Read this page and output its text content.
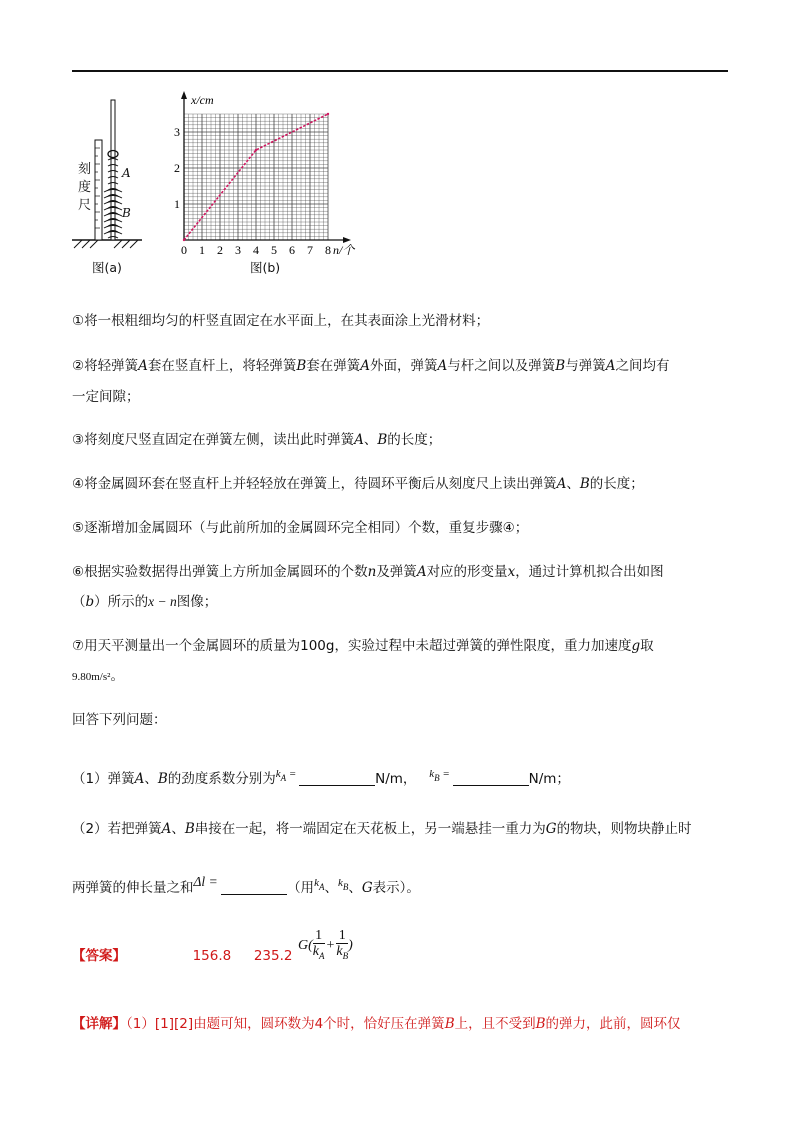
0 1 2 3 4 5 6 7 8
1
2
3
x/cm
n/个
刻
度
尺
A
B
图(a)	图(b)
①将一根粗细均匀的杆竖直固定在水平面上，在其表面涂上光滑材料；
②将轻弹簧A套在竖直杆上，将轻弹簧B套在弹簧A外面，弹簧A与杆之间以及弹簧B与弹簧A之间均有
一定间隙；
③将刻度尺竖直固定在弹簧左侧，读出此时弹簧A、B的长度；
④将金属圆环套在竖直杆上并轻轻放在弹簧上，待圆环平衡后从刻度尺上读出弹簧A、B的长度；
⑤逐渐增加金属圆环（与此前所加的金属圆环完全相同）个数，重复步骤④；
⑥根据实验数据得出弹簧上方所加金属圆环的个数n及弹簧A对应的形变量x，通过计算机拟合出如图
（b）所示的x − n图像；
⑦用天平测量出一个金属圆环的质量为100g，实验过程中未超过弹簧的弹性限度，重力加速度g取
9.80m/s²。
回答下列问题：
（1）弹簧A、B的劲度系数分别为$^{k_A =}$	N/m， $^{k_B =}$	N/m；
（2）若把弹簧A、B串接在一起，将一端固定在天花板上，另一端悬挂一重力为G的物块，则物块静止时
两弹簧的伸长量之和Δl =	（用$^{k_A}$、$^{k_B}$、G表示）。
【答案】	156.8 235.2
$G( \frac{1}{k_A} + \frac{1}{k_B}$ )
【详解】（1）[1][2]由题可知，圆环数为4个时，恰好压在弹簧B上，且不受到B的弹力，此前，圆环仅
